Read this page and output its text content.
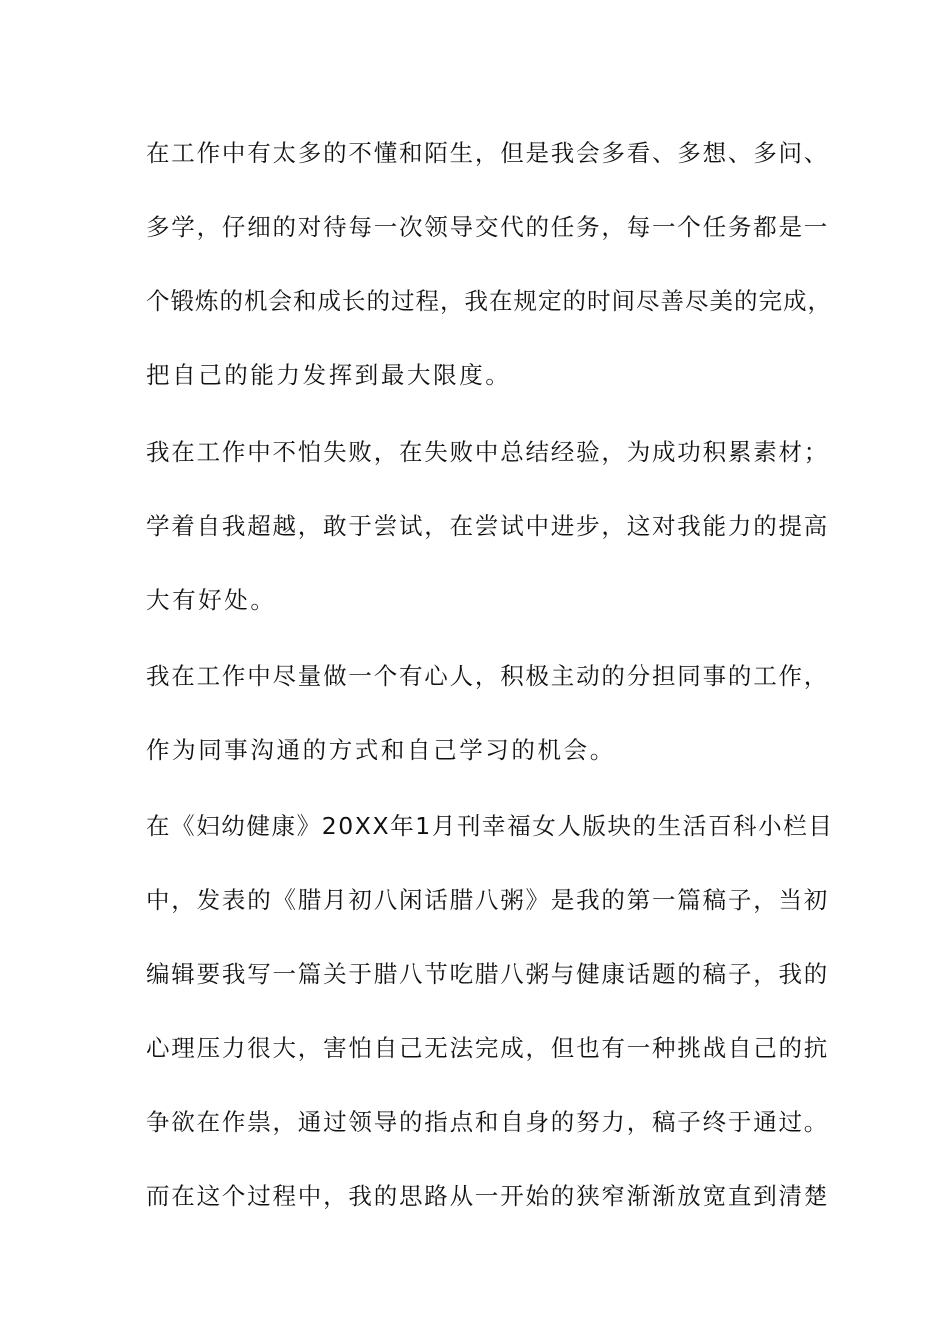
在工作中有太多的不懂和陌生，但是我会多看、多想、多问、
多学，仔细的对待每一次领导交代的任务，每一个任务都是一
个锻炼的机会和成长的过程，我在规定的时间尽善尽美的完成，
把自己的能力发挥到最大限度。
我在工作中不怕失败，在失败中总结经验，为成功积累素材；
学着自我超越，敢于尝试，在尝试中进步，这对我能力的提高
大有好处。
我在工作中尽量做一个有心人，积极主动的分担同事的工作，
作为同事沟通的方式和自己学习的机会。
在《妇幼健康》20XX年1月刊幸福女人版块的生活百科小栏目
中，发表的《腊月初八闲话腊八粥》是我的第一篇稿子，当初
编辑要我写一篇关于腊八节吃腊八粥与健康话题的稿子，我的
心理压力很大，害怕自己无法完成，但也有一种挑战自己的抗
争欲在作祟，通过领导的指点和自身的努力，稿子终于通过。
而在这个过程中，我的思路从一开始的狭窄渐渐放宽直到清楚
